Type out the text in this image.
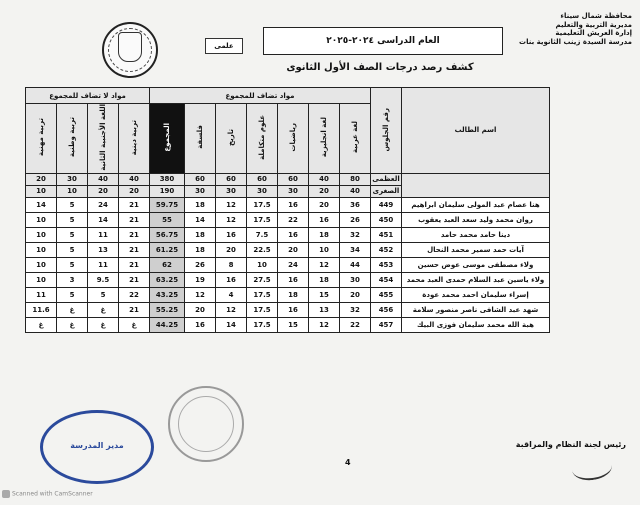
محافظة شمال سيناء
مديرية التربية والتعليم
إدارة العريش التعليمية
مدرسة السيدة زينب الثانوية بنات
علمى	العام الدراسى ٢٠٢٤-٢٠٢٥
كشف رصد درجات الصف الأول الثانوى
اسم الطالب	رقم الجلوس	مواد تضاف للمجموع							مواد لا تضاف للمجموع			
		لغة عربية	لغة انجليزية	رياضيات	علوم متكاملة	تاريخ	فلسفة	المجموع	تربية دينية	اللغة الأجنبية الثانية	تربية وطنية	تربية مهنية
	العظمى	80	40	60	60	60	60	380	40	40	30	20
	الصغرى	40	20	30	30	30	30	190	20	20	10	10
هنا عصام عبد المولى سليمان ابراهيم	449	36	20	16	17.5	12	18	59.75	21	24	5	14
روان محمد وليد سعد العبد يعقوب	450	26	16	22	17.5	12	14	55	21	14	5	10
دينا حامد محمد حامد	451	32	18	16	7.5	16	18	56.75	21	11	5	10
آيات حمد سمير محمد النحال	452	34	10	20	22.5	20	18	61.25	21	13	5	10
ولاء مصطفى موسى عوض حسين	453	44	12	24	10	8	26	62	21	11	5	10
ولاء ياسين عبد السلام حمدى العبد محمد	454	30	18	16	27.5	16	19	63.25	21	9.5	3	10
إسراء سليمان احمد محمد عودة	455	20	15	18	17.5	4	12	43.25	22	5	5	11
شهد عبد الشافى ناصر منصور سلامة	456	32	13	16	17.5	12	20	55.25	21	غ	غ	11.6
هبة الله محمد سليمان فوزى البيك	457	22	12	15	17.5	14	16	44.25	غ	غ	غ	غ
مدير المدرسة
4
رئيس لجنة النظام والمراقبة
Scanned with CamScanner
